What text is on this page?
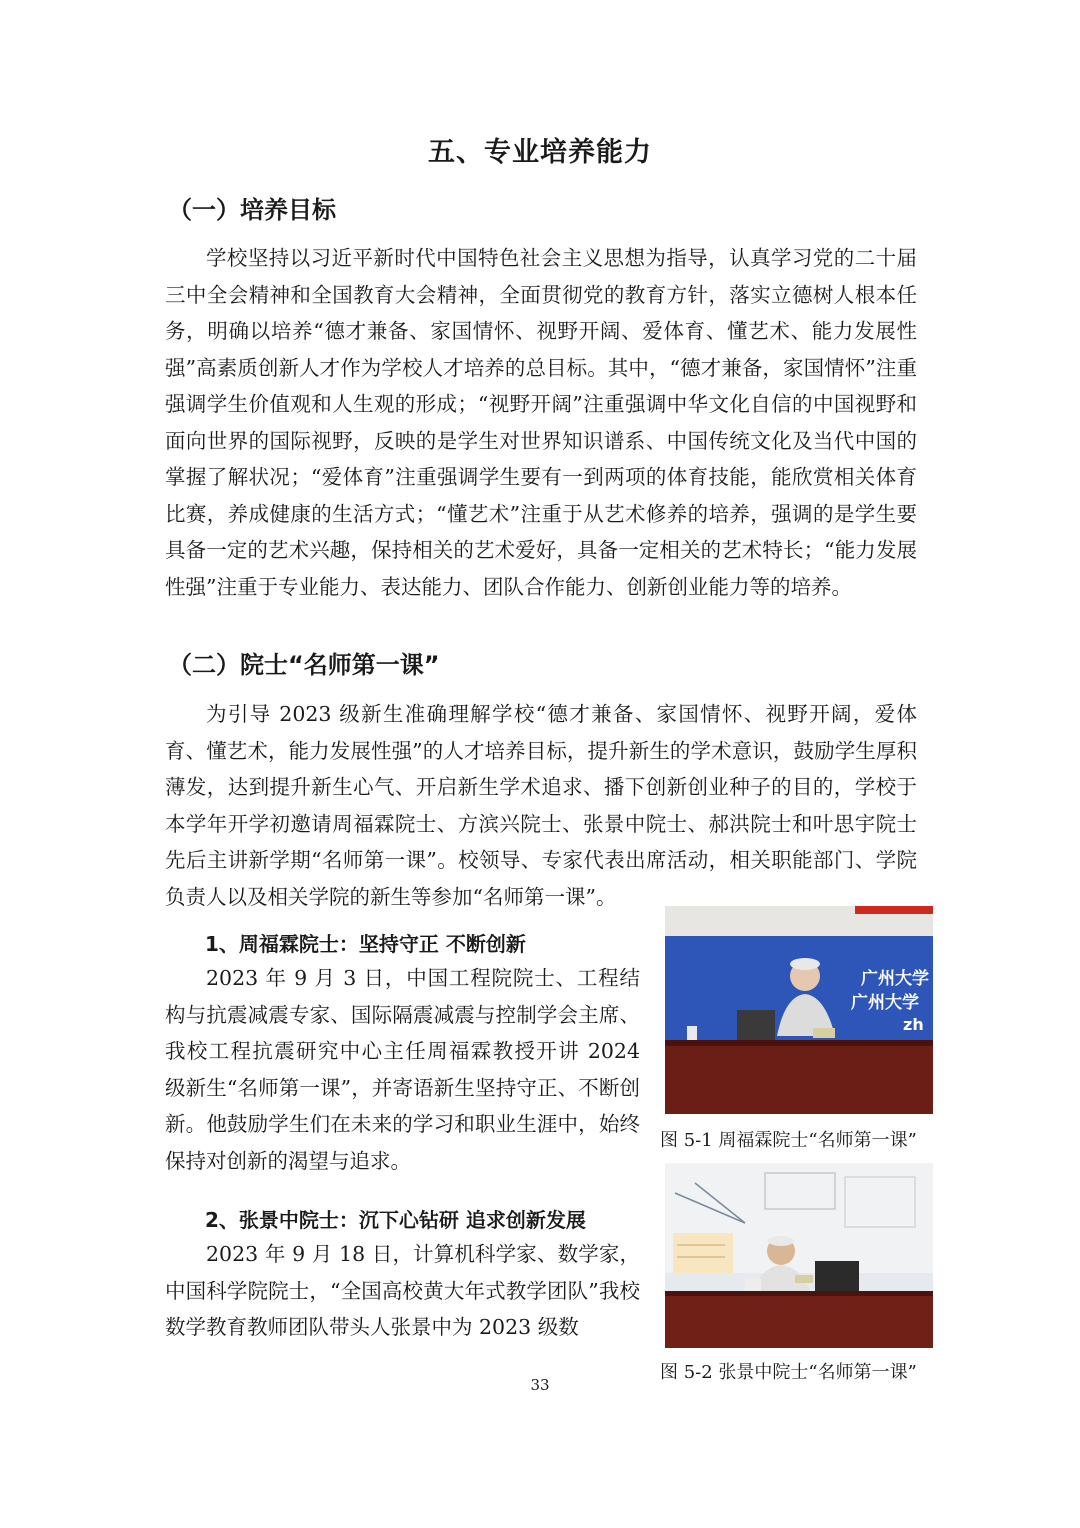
五、专业培养能力
（一）培养目标

学校坚持以习近平新时代中国特色社会主义思想为指导，认真学习党的二十届三中全会精神和全国教育大会精神，全面贯彻党的教育方针，落实立德树人根本任务，明确以培养“德才兼备、家国情怀、视野开阔、爱体育、懂艺术、能力发展性强”高素质创新人才作为学校人才培养的总目标。其中，“德才兼备，家国情怀”注重强调学生价值观和人生观的形成；“视野开阔”注重强调中华文化自信的中国视野和面向世界的国际视野，反映的是学生对世界知识谱系、中国传统文化及当代中国的掌握了解状况；“爱体育”注重强调学生要有一到两项的体育技能，能欣赏相关体育比赛，养成健康的生活方式；“懂艺术”注重于从艺术修养的培养，强调的是学生要具备一定的艺术兴趣，保持相关的艺术爱好，具备一定相关的艺术特长；“能力发展性强”注重于专业能力、表达能力、团队合作能力、创新创业能力等的培养。

（二）院士“名师第一课”

为引导 2023 级新生准确理解学校“德才兼备、家国情怀、视野开阔，爱体育、懂艺术，能力发展性强”的人才培养目标，提升新生的学术意识，鼓励学生厚积薄发，达到提升新生心气、开启新生学术追求、播下创新创业种子的目的，学校于本学年开学初邀请周福霖院士、方滨兴院士、张景中院士、郝洪院士和叶思宇院士先后主讲新学期“名师第一课”。校领导、专家代表出席活动，相关职能部门、学院负责人以及相关学院的新生等参加“名师第一课”。

1、周福霖院士：坚持守正 不断创新

2023 年 9 月 3 日，中国工程院院士、工程结构与抗震减震专家、国际隔震减震与控制学会主席、我校工程抗震研究中心主任周福霖教授开讲 2024 级新生“名师第一课”，并寄语新生坚持守正、不断创新。他鼓励学生们在未来的学习和职业生涯中，始终保持对创新的渴望与追求。

广州大学
广州大学
zh
图 5-1 周福霖院士“名师第一课”
2、张景中院士：沉下心钻研 追求创新发展

2023 年 9 月 18 日，计算机科学家、数学家，中国科学院院士，“全国高校黄大年式教学团队”我校数学教育教师团队带头人张景中为 2023 级数

图 5-2 张景中院士“名师第一课”
33
